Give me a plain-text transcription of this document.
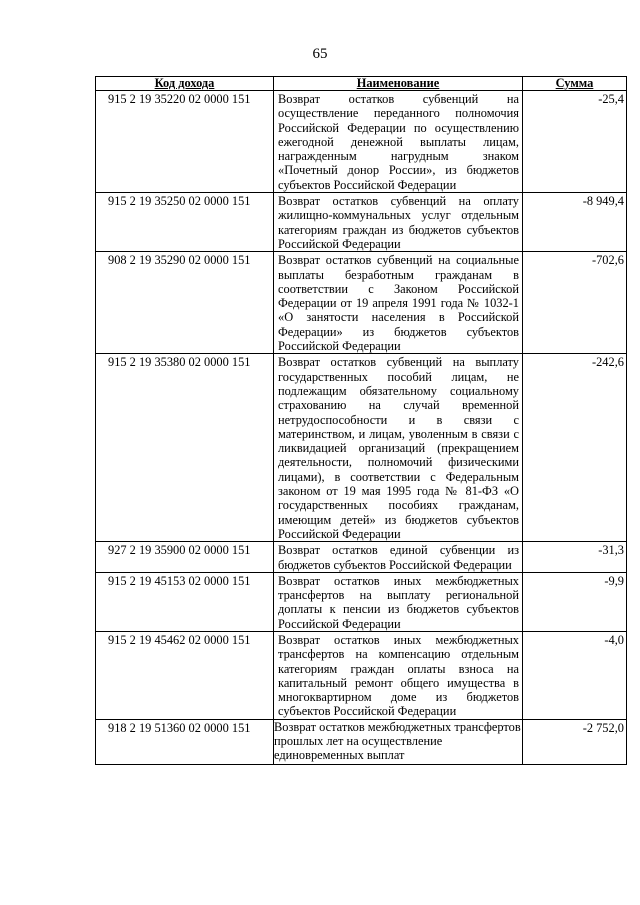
65
Код дохода	Наименование	Сумма
915 2 19 35220 02 0000 151	Возврат остатков субвенций на осуществление переданного полномочия Российской Федерации по осуществлению ежегодной денежной выплаты лицам, награжденным нагрудным знаком «Почетный донор России», из бюджетов субъектов Российской Федерации	-25,4
915 2 19 35250 02 0000 151	Возврат остатков субвенций на оплату жилищно-коммунальных услуг отдельным категориям граждан из бюджетов субъектов Российской Федерации	-8 949,4
908 2 19 35290 02 0000 151	Возврат остатков субвенций на социальные выплаты безработным гражданам в соответствии с Законом Российской Федерации от 19 апреля 1991 года № 1032-1 «О занятости населения в Российской Федерации» из бюджетов субъектов Российской Федерации	-702,6
915 2 19 35380 02 0000 151	Возврат остатков субвенций на выплату государственных пособий лицам, не подлежащим обязательному социальному страхованию на случай временной нетрудоспособности и в связи с материнством, и лицам, уволенным в связи с ликвидацией организаций (прекращением деятельности, полномочий физическими лицами), в соответствии с Федеральным законом от 19 мая 1995 года № 81-ФЗ «О государственных пособиях гражданам, имеющим детей» из бюджетов субъектов Российской Федерации	-242,6
927 2 19 35900 02 0000 151	Возврат остатков единой субвенции из бюджетов субъектов Российской Федерации	-31,3
915 2 19 45153 02 0000 151	Возврат остатков иных межбюджетных трансфертов на выплату региональной доплаты к пенсии из бюджетов субъектов Российской Федерации	-9,9
915 2 19 45462 02 0000 151	Возврат остатков иных межбюджетных трансфертов на компенсацию отдельным категориям граждан оплаты взноса на капитальный ремонт общего имущества в многоквартирном доме из бюджетов субъектов Российской Федерации	-4,0
918 2 19 51360 02 0000 151	Возврат остатков межбюджетных трансфертов прошлых лет на осуществление единовременных выплат	-2 752,0
